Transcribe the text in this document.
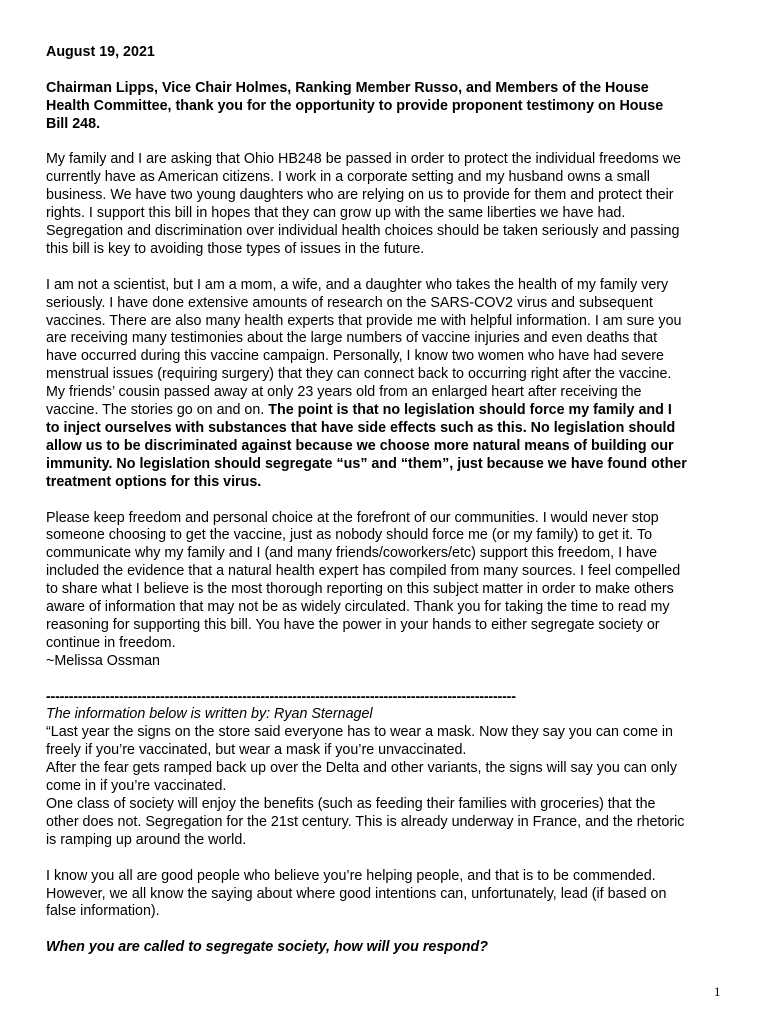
August 19, 2021

Chairman Lipps, Vice Chair Holmes, Ranking Member Russo, and Members of the House
Health Committee, thank you for the opportunity to provide proponent testimony on House
Bill 248.

My family and I are asking that Ohio HB248 be passed in order to protect the individual freedoms we
currently have as American citizens. I work in a corporate setting and my husband owns a small
business. We have two young daughters who are relying on us to provide for them and protect their
rights. I support this bill in hopes that they can grow up with the same liberties we have had.
Segregation and discrimination over individual health choices should be taken seriously and passing
this bill is key to avoiding those types of issues in the future.

I am not a scientist, but I am a mom, a wife, and a daughter who takes the health of my family very
seriously. I have done extensive amounts of research on the SARS-COV2 virus and subsequent
vaccines. There are also many health experts that provide me with helpful information. I am sure you
are receiving many testimonies about the large numbers of vaccine injuries and even deaths that
have occurred during this vaccine campaign. Personally, I know two women who have had severe
menstrual issues (requiring surgery) that they can connect back to occurring right after the vaccine.
My friends’ cousin passed away at only 23 years old from an enlarged heart after receiving the
vaccine. The stories go on and on. The point is that no legislation should force my family and I
to inject ourselves with substances that have side effects such as this. No legislation should
allow us to be discriminated against because we choose more natural means of building our
immunity. No legislation should segregate “us” and “them”, just because we have found other
treatment options for this virus.

Please keep freedom and personal choice at the forefront of our communities. I would never stop
someone choosing to get the vaccine, just as nobody should force me (or my family) to get it. To
communicate why my family and I (and many friends/coworkers/etc) support this freedom, I have
included the evidence that a natural health expert has compiled from many sources. I feel compelled
to share what I believe is the most thorough reporting on this subject matter in order to make others
aware of information that may not be as widely circulated. Thank you for taking the time to read my
reasoning for supporting this bill. You have the power in your hands to either segregate society or
continue in freedom.

~Melissa Ossman

-------------------------------------------------------------------------------------------------------

The information below is written by: Ryan Sternagel
“Last year the signs on the store said everyone has to wear a mask. Now they say you can come in
freely if you’re vaccinated, but wear a mask if you’re unvaccinated.
After the fear gets ramped back up over the Delta and other variants, the signs will say you can only
come in if you’re vaccinated.
One class of society will enjoy the benefits (such as feeding their families with groceries) that the
other does not. Segregation for the 21st century. This is already underway in France, and the rhetoric
is ramping up around the world.

I know you all are good people who believe you’re helping people, and that is to be commended.
However, we all know the saying about where good intentions can, unfortunately, lead (if based on
false information).

When you are called to segregate society, how will you respond?

1
